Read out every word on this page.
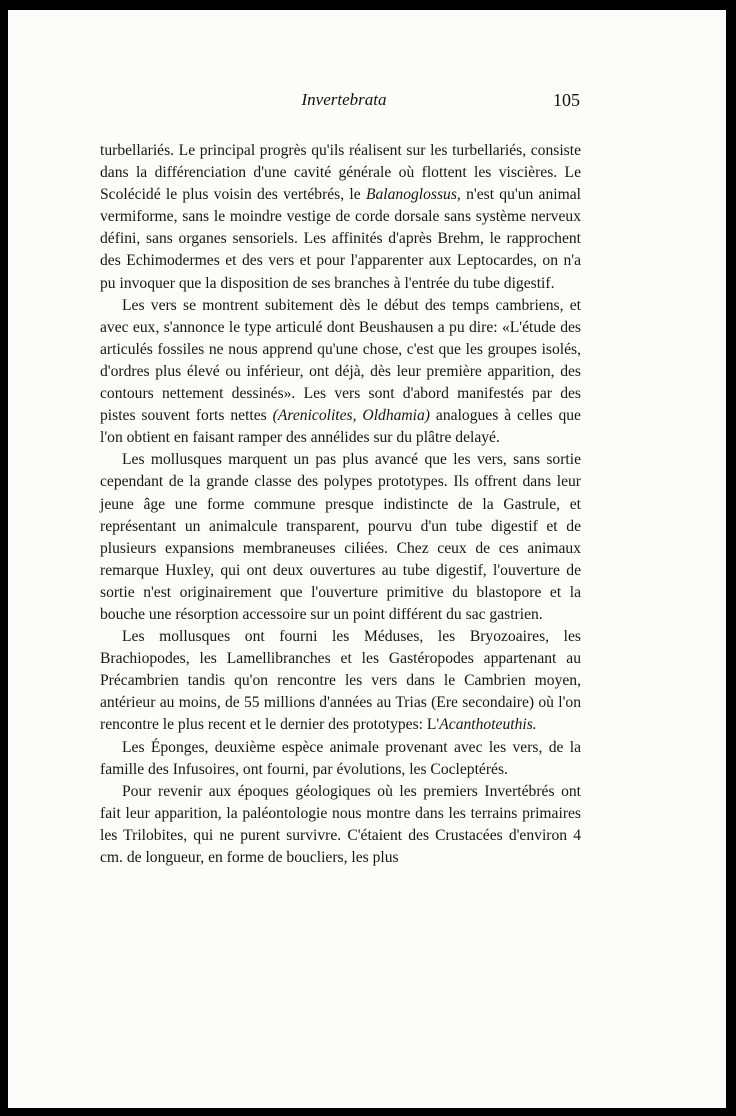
Invertebrata	105

turbellariés. Le principal progrès qu'ils réalisent sur les turbellariés, consiste dans la différenciation d'une cavité générale où flottent les viscières. Le Scolécidé le plus voisin des vertébrés, le Balanoglossus, n'est qu'un animal vermiforme, sans le moindre vestige de corde dorsale sans système nerveux défini, sans organes sensoriels. Les affinités d'après Brehm, le rapprochent des Echimodermes et des vers et pour l'apparenter aux Leptocardes, on n'a pu invoquer que la disposition de ses branches à l'entrée du tube digestif.

Les vers se montrent subitement dès le début des temps cambriens, et avec eux, s'annonce le type articulé dont Beushausen a pu dire: «L'étude des articulés fossiles ne nous apprend qu'une chose, c'est que les groupes isolés, d'ordres plus élevé ou inférieur, ont déjà, dès leur première apparition, des contours nettement dessinés». Les vers sont d'abord manifestés par des pistes souvent forts nettes (Arenicolites, Oldhamia) analogues à celles que l'on obtient en faisant ramper des annélides sur du plâtre delayé.

Les mollusques marquent un pas plus avancé que les vers, sans sortie cependant de la grande classe des polypes prototypes. Ils offrent dans leur jeune âge une forme commune presque indistincte de la Gastrule, et représentant un animalcule transparent, pourvu d'un tube digestif et de plusieurs expansions membraneuses ciliées. Chez ceux de ces animaux remarque Huxley, qui ont deux ouvertures au tube digestif, l'ouverture de sortie n'est originairement que l'ouverture primitive du blastopore et la bouche une résorption accessoire sur un point différent du sac gastrien.

Les mollusques ont fourni les Méduses, les Bryozoaires, les Brachiopodes, les Lamellibranches et les Gastéropodes appartenant au Précambrien tandis qu'on rencontre les vers dans le Cambrien moyen, antérieur au moins, de 55 millions d'années au Trias (Ere secondaire) où l'on rencontre le plus recent et le dernier des prototypes: L'Acanthoteuthis.

Les Éponges, deuxième espèce animale provenant avec les vers, de la famille des Infusoires, ont fourni, par évolutions, les Cocleptérés.

Pour revenir aux époques géologiques où les premiers Invertébrés ont fait leur apparition, la paléontologie nous montre dans les terrains primaires les Trilobites, qui ne purent survivre. C'étaient des Crustacées d'environ 4 cm. de longueur, en forme de boucliers, les plus
